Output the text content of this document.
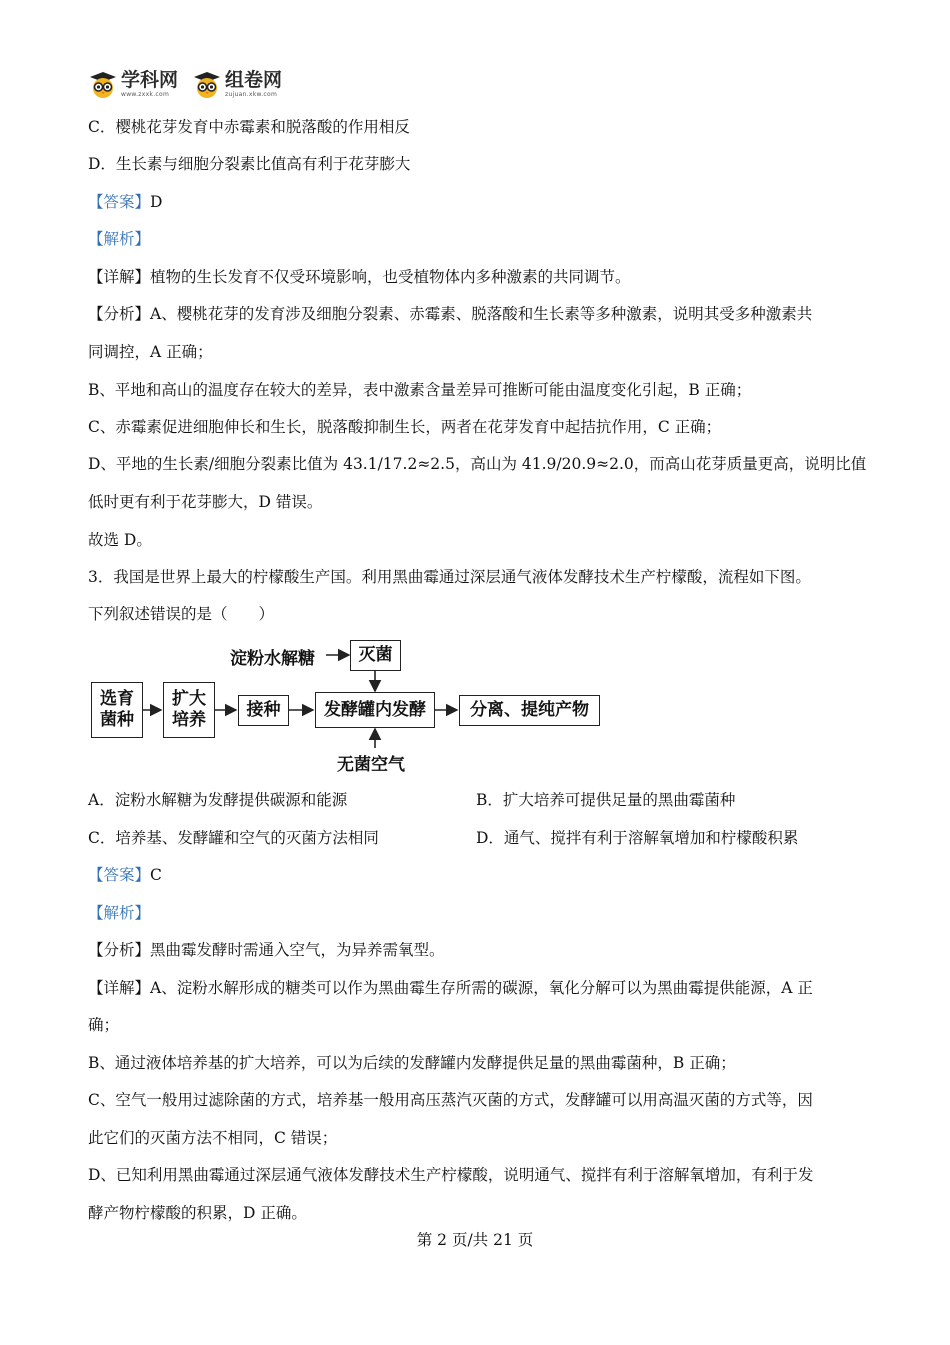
学科网
www.zxxk.com
组卷网
zujuan.xkw.com
C．樱桃花芽发育中赤霉素和脱落酸的作用相反
D．生长素与细胞分裂素比值高有利于花芽膨大
【答案】D
【解析】
【详解】植物的生长发育不仅受环境影响，也受植物体内多种激素的共同调节。
【分析】A、樱桃花芽的发育涉及细胞分裂素、赤霉素、脱落酸和生长素等多种激素，说明其受多种激素共
同调控，A 正确；
B、平地和高山的温度存在较大的差异，表中激素含量差异可推断可能由温度变化引起，B 正确；
C、赤霉素促进细胞伸长和生长，脱落酸抑制生长，两者在花芽发育中起拮抗作用，C 正确；
D、平地的生长素/细胞分裂素比值为 43.1/17.2≈2.5，高山为 41.9/20.9≈2.0，而高山花芽质量更高，说明比值
低时更有利于花芽膨大，D 错误。
故选 D。
3．我国是世界上最大的柠檬酸生产国。利用黑曲霉通过深层通气液体发酵技术生产柠檬酸，流程如下图。
下列叙述错误的是（　　）
淀粉水解糖	灭菌
选育
菌种
扩大
培养	接种	发酵罐内发酵	分离、提纯产物
无菌空气
A．淀粉水解糖为发酵提供碳源和能源	B．扩大培养可提供足量的黑曲霉菌种
C．培养基、发酵罐和空气的灭菌方法相同	D．通气、搅拌有利于溶解氧增加和柠檬酸积累
【答案】C
【解析】
【分析】黑曲霉发酵时需通入空气，为异养需氧型。
【详解】A、淀粉水解形成的糖类可以作为黑曲霉生存所需的碳源，氧化分解可以为黑曲霉提供能源，A 正
确；
B、通过液体培养基的扩大培养，可以为后续的发酵罐内发酵提供足量的黑曲霉菌种，B 正确；
C、空气一般用过滤除菌的方式，培养基一般用高压蒸汽灭菌的方式，发酵罐可以用高温灭菌的方式等，因
此它们的灭菌方法不相同，C 错误；
D、已知利用黑曲霉通过深层通气液体发酵技术生产柠檬酸，说明通气、搅拌有利于溶解氧增加，有利于发
酵产物柠檬酸的积累，D 正确。
第 2 页/共 21 页
